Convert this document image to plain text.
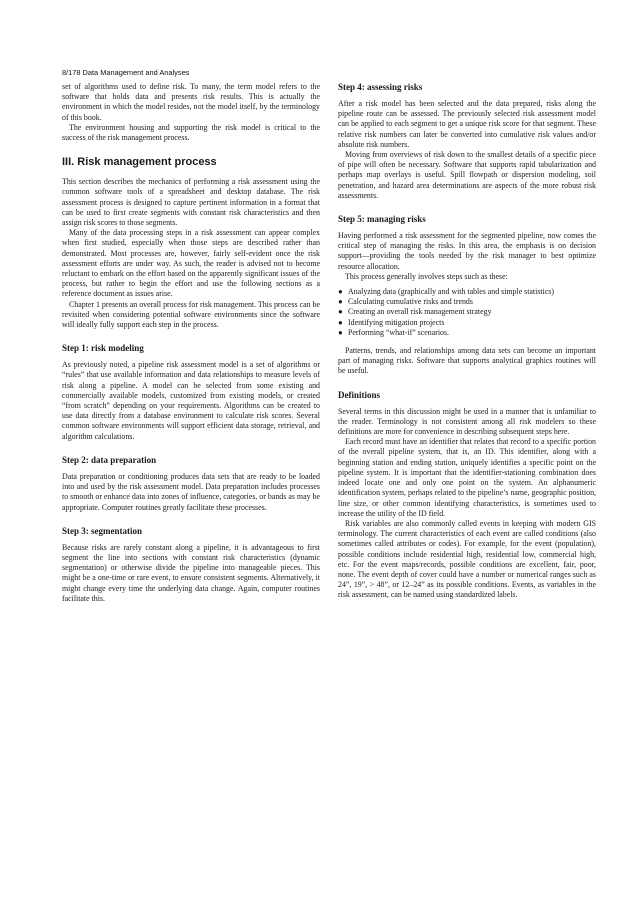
8/178 Data Management and Analyses

set of algorithms used to define risk. To many, the term model refers to the software that holds data and presents risk results. This is actually the environment in which the model resides, not the model itself, by the terminology of this book.

The environment housing and supporting the risk model is critical to the success of the risk management process.

III. Risk management process

This section describes the mechanics of performing a risk assessment using the common software tools of a spreadsheet and desktop database. The risk assessment process is designed to capture pertinent information in a format that can be used to first create segments with constant risk characteristics and then assign risk scores to those segments.

Many of the data processing steps in a risk assessment can appear complex when first studied, especially when those steps are described rather than demonstrated. Most processes are, however, fairly self-evident once the risk assessment efforts are under way. As such, the reader is advised not to become reluctant to embark on the effort based on the apparently significant issues of the process, but rather to begin the effort and use the following sections as a reference document as issues arise.

Chapter 1 presents an overall process for risk management. This process can be revisited when considering potential software environments since the software will ideally fully support each step in the process.

Step 1: risk modeling

As previously noted, a pipeline risk assessment model is a set of algorithms or “rules” that use available information and data relationships to measure levels of risk along a pipeline. A model can be selected from some existing and commercially available models, customized from existing models, or created “from scratch” depending on your requirements. Algorithms can be created to use data directly from a database environment to calculate risk scores. Several common software environments will support efficient data storage, retrieval, and algorithm calculations.

Step 2: data preparation

Data preparation or conditioning produces data sets that are ready to be loaded into and used by the risk assessment model. Data preparation includes processes to smooth or enhance data into zones of influence, categories, or bands as may be appropriate. Computer routines greatly facilitate these processes.

Step 3: segmentation

Because risks are rarely constant along a pipeline, it is advantageous to first segment the line into sections with constant risk characteristics (dynamic segmentation) or otherwise divide the pipeline into manageable pieces. This might be a one-time or rare event, to ensure consistent segments. Alternatively, it might change every time the underlying data change. Again, computer routines facilitate this.

Step 4: assessing risks

After a risk model has been selected and the data prepared, risks along the pipeline route can be assessed. The previously selected risk assessment model can be applied to each segment to get a unique risk score for that segment. These relative risk numbers can later be converted into cumulative risk values and/or absolute risk numbers.

Moving from overviews of risk down to the smallest details of a specific piece of pipe will often be necessary. Software that supports rapid tabularization and perhaps map overlays is useful. Spill flowpath or dispersion modeling, soil penetration, and hazard area determinations are aspects of the more robust risk assessments.

Step 5: managing risks

Having performed a risk assessment for the segmented pipeline, now comes the critical step of managing the risks. In this area, the emphasis is on decision support—providing the tools needed by the risk manager to best optimize resource allocation.

This process generally involves steps such as these:

● Analyzing data (graphically and with tables and simple statistics)
● Calculating cumulative risks and trends
● Creating an overall risk management strategy
● Identifying mitigation projects
● Performing “what-if” scenarios.

Patterns, trends, and relationships among data sets can become an important part of managing risks. Software that supports analytical graphics routines will be useful.

Definitions

Several terms in this discussion might be used in a manner that is unfamiliar to the reader. Terminology is not consistent among all risk modelers so these definitions are more for convenience in describing subsequent steps here.

Each record must have an identifier that relates that record to a specific portion of the overall pipeline system, that is, an ID. This identifier, along with a beginning station and ending station, uniquely identifies a specific point on the pipeline system. It is important that the identifier-stationing combination does indeed locate one and only one point on the system. An alphanumeric identification system, perhaps related to the pipeline’s name, geographic position, line size, or other common identifying characteristics, is sometimes used to increase the utility of the ID field.

Risk variables are also commonly called events in keeping with modern GIS terminology. The current characteristics of each event are called conditions (also sometimes called attributes or codes). For example, for the event (population), possible conditions include residential high, residential low, commercial high, etc. For the event maps/records, possible conditions are excellent, fair, poor, none. The event depth of cover could have a number or numerical ranges such as 24”, 19”, > 48”, or 12–24” as its possible conditions. Events, as variables in the risk assessment, can be named using standardized labels.
